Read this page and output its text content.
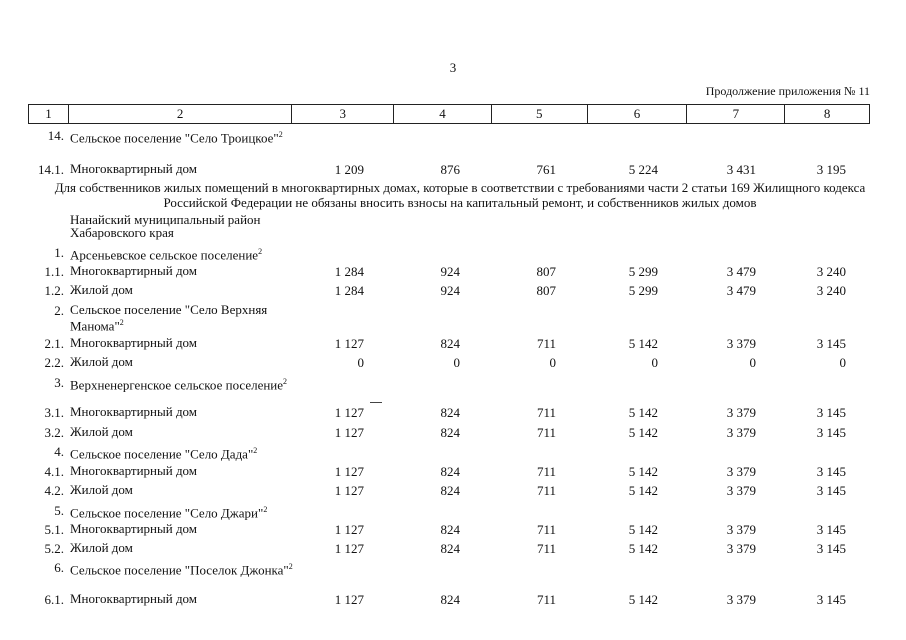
3
Продолжение приложения № 11
1	2	3	4	5	6	7	8
Для собственников жилых помещений в многоквартирных домах, которые в соответствии с требованиями части 2 статьи 169 Жилищного кодекса Российской Федерации не обязаны вносить взносы на капитальный ремонт, и собственников жилых домов
Нанайский муниципальный район Хабаровского края
14. Сельское поселение "Село Троицкое"$^2$
14.1. Многоквартирный дом	1 209	876	761	5 224	3 431	3 195
1. Арсеньевское сельское поселение$^2$
1.1. Многоквартирный дом	1 284	924	807	5 299	3 479	3 240
1.2. Жилой дом	1 284	924	807	5 299	3 479	3 240
2. Сельское поселение "Село Верхняя Манома"$^2$
2.1. Многоквартирный дом	1 127	824	711	5 142	3 379	3 145
2.2. Жилой дом	0	0	0	0	0	0
3. Верхненергенское сельское поселение$^2$
3.1. Многоквартирный дом	1 127	824	711	5 142	3 379	3 145
3.2. Жилой дом	1 127	824	711	5 142	3 379	3 145
4. Сельское поселение "Село Дада"$^2$
4.1. Многоквартирный дом	1 127	824	711	5 142	3 379	3 145
4.2. Жилой дом	1 127	824	711	5 142	3 379	3 145
5. Сельское поселение "Село Джари"$^2$
5.1. Многоквартирный дом	1 127	824	711	5 142	3 379	3 145
5.2. Жилой дом	1 127	824	711	5 142	3 379	3 145
6. Сельское поселение "Поселок Джонка"$^2$
6.1. Многоквартирный дом	1 127	824	711	5 142	3 379	3 145
